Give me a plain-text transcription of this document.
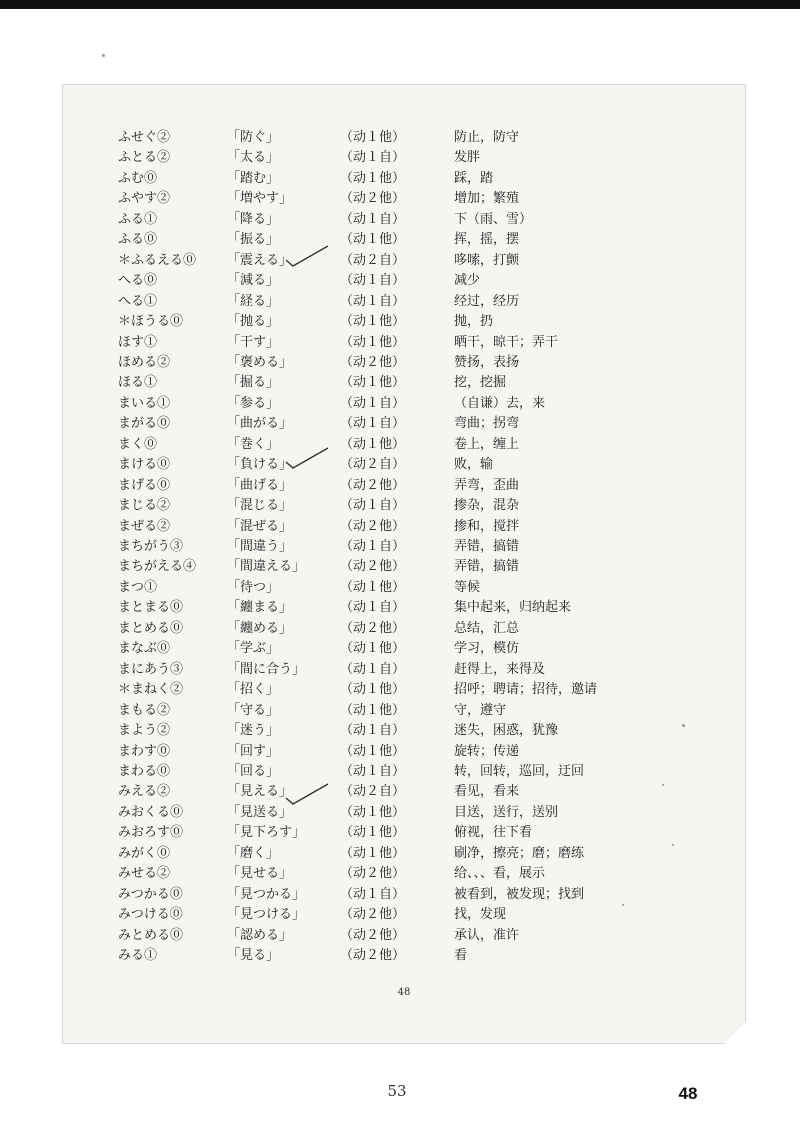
ふせぐ②	「防ぐ」	（动１他）	防止，防守
ふとる②	「太る」	（动１自）	发胖
ふむ⓪	「踏む」	（动１他）	踩，踏
ふやす②	「増やす」	（动２他）	增加；繁殖
ふる①	「降る」	（动１自）	下（雨、雪）
ふる⓪	「振る」	（动１他）	挥，摇，摆
＊ふるえる⓪ 「震える」	（动２自）	哆嗦，打颤
へる⓪	「減る」	（动１自）	减少
へる①	「経る」	（动１自）	经过，经历
＊ほうる⓪	「抛る」	（动１他）	抛，扔
ほす①	「干す」	（动１他）	晒干，晾干；弄干
ほめる②	「褒める」	（动２他）	赞扬，表扬
ほる①	「掘る」	（动１他）	挖，挖掘
まいる①	「参る」	（动１自）	（自谦）去，来
まがる⓪	「曲がる」	（动１自）	弯曲；拐弯
まく⓪	「巻く」	（动１他）	卷上，缠上
まける⓪	「負ける」	（动２自）	败，输
まげる⓪	「曲げる」	（动２他）	弄弯，歪曲
まじる②	「混じる」	（动１自）	掺杂，混杂
まぜる②	「混ぜる」	（动２他）	掺和，搅拌
まちがう③	「間違う」	（动１自）	弄错，搞错
まちがえる④ 「間違える」	（动２他）	弄错，搞错
まつ①	「待つ」	（动１他）	等候
まとまる⓪	「纏まる」	（动１自）	集中起来，归纳起来
まとめる⓪	「纏める」	（动２他）	总结，汇总
まなぶ⓪	「学ぶ」	（动１他）	学习，模仿
まにあう③	「間に合う」	（动１自）	赶得上，来得及
＊まねく②	「招く」	（动１他）	招呼；聘请；招待，邀请
まもる②	「守る」	（动１他）	守，遵守
まよう②	「迷う」	（动１自）	迷失，困惑，犹豫
まわす⓪	「回す」	（动１他）	旋转；传递
まわる⓪	「回る」	（动１自）	转，回转，巡回，迂回
みえる②	「見える」	（动２自）	看见，看来
みおくる⓪	「見送る」	（动１他）	目送，送行，送别
みおろす⓪	「見下ろす」	（动１他）	俯视，往下看
みがく⓪	「磨く」	（动１他）	刷净，擦亮；磨；磨练
みせる②	「見せる」	（动２他）	给、、、看，展示
みつかる⓪	「見つかる」	（动１自）	被看到，被发现；找到
みつける⓪	「見つける」	（动２他）	找，发现
みとめる⓪	「認める」	（动２他）	承认，准许
みる①	「見る」	（动２他）	看
48
53	48
